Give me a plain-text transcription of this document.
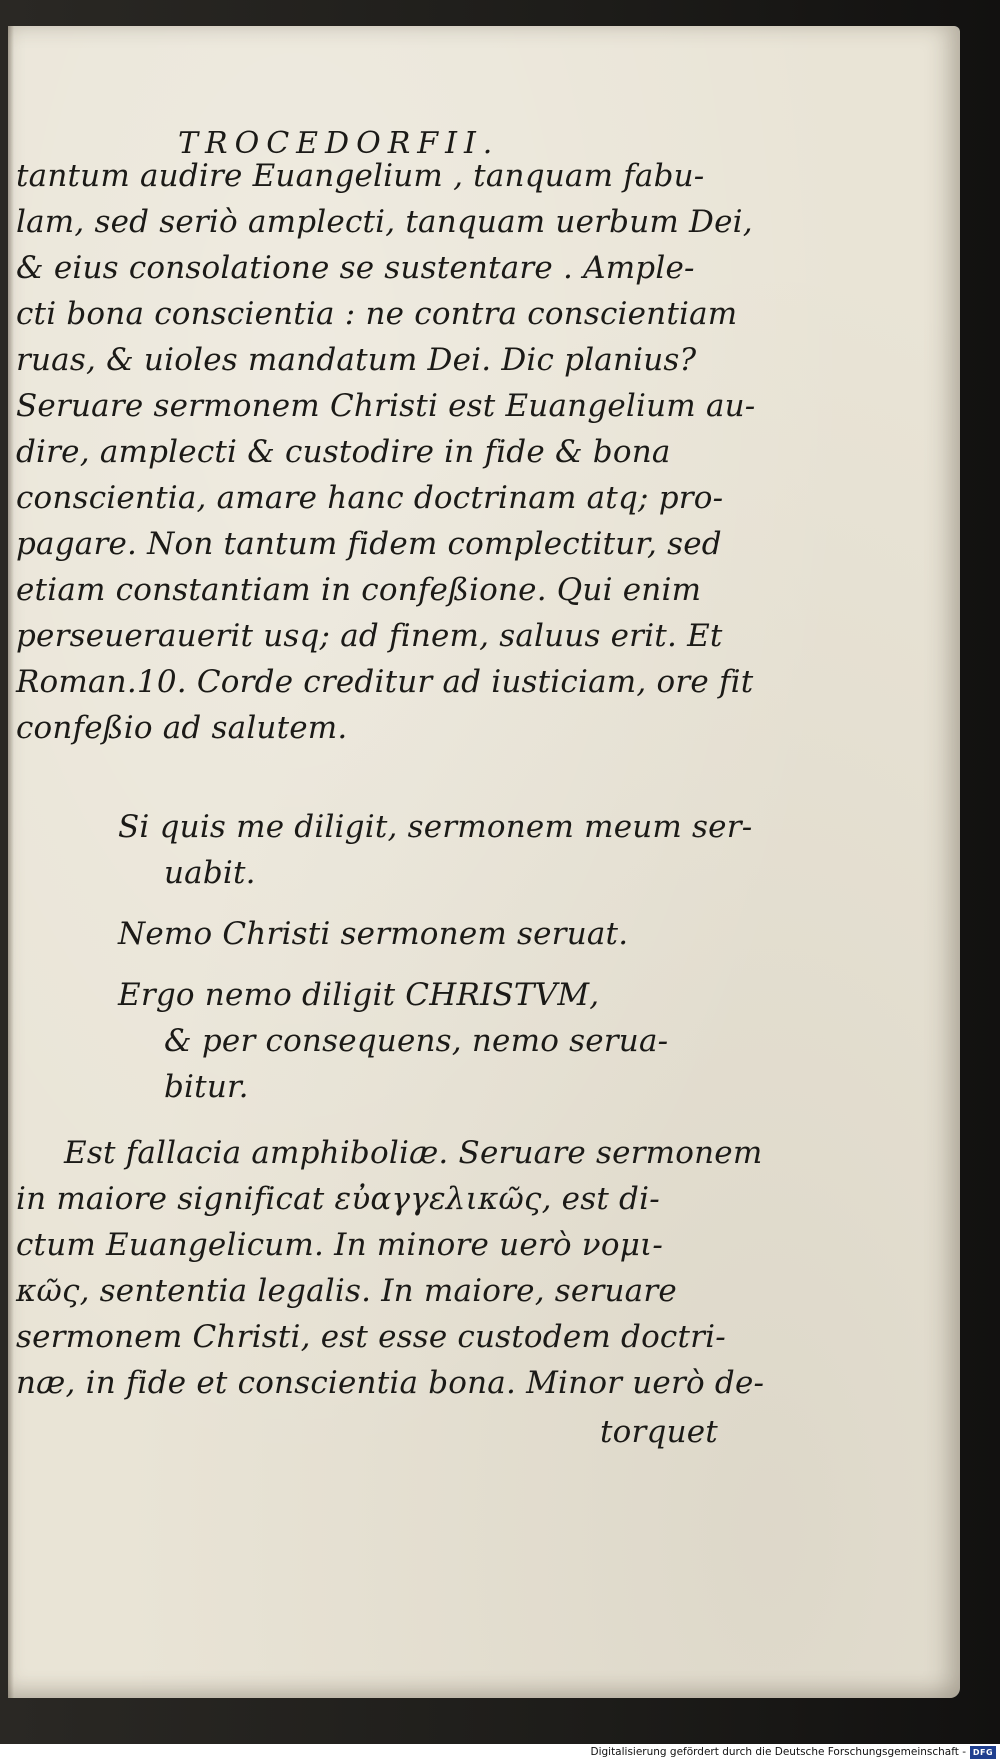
TROCEDORFII.
tantum audire Euangelium , tanquam fabu-
lam, sed seriò amplecti, tanquam uerbum Dei,
& eius consolatione se sustentare . Ample-
cti bona conscientia : ne contra conscientiam
ruas, & uioles mandatum Dei. Dic planius?
Seruare sermonem Christi est Euangelium au-
dire, amplecti & custodire in fide & bona
conscientia, amare hanc doctrinam atq; pro-
pagare. Non tantum fidem complectitur, sed
etiam constantiam in confeßione. Qui enim
perseuerauerit usq; ad finem, saluus erit. Et
Roman.10. Corde creditur ad iusticiam, ore fit
confeßio ad salutem.
Si quis me diligit, sermonem meum ser-
uabit.
Nemo Christi sermonem seruat.
Ergo nemo diligit CHRISTVM,
& per consequens, nemo serua-
bitur.
Est fallacia amphiboliæ. Seruare sermonem
in maiore significat εὐαγγελικῶς, est di-
ctum Euangelicum. In minore uerò νομι-
κῶς, sententia legalis. In maiore, seruare
sermonem Christi, est esse custodem doctri-
næ, in fide et conscientia bona. Minor uerò de-
torquet
Digitalisierung gefördert durch die Deutsche Forschungsgemeinschaft - DFG
